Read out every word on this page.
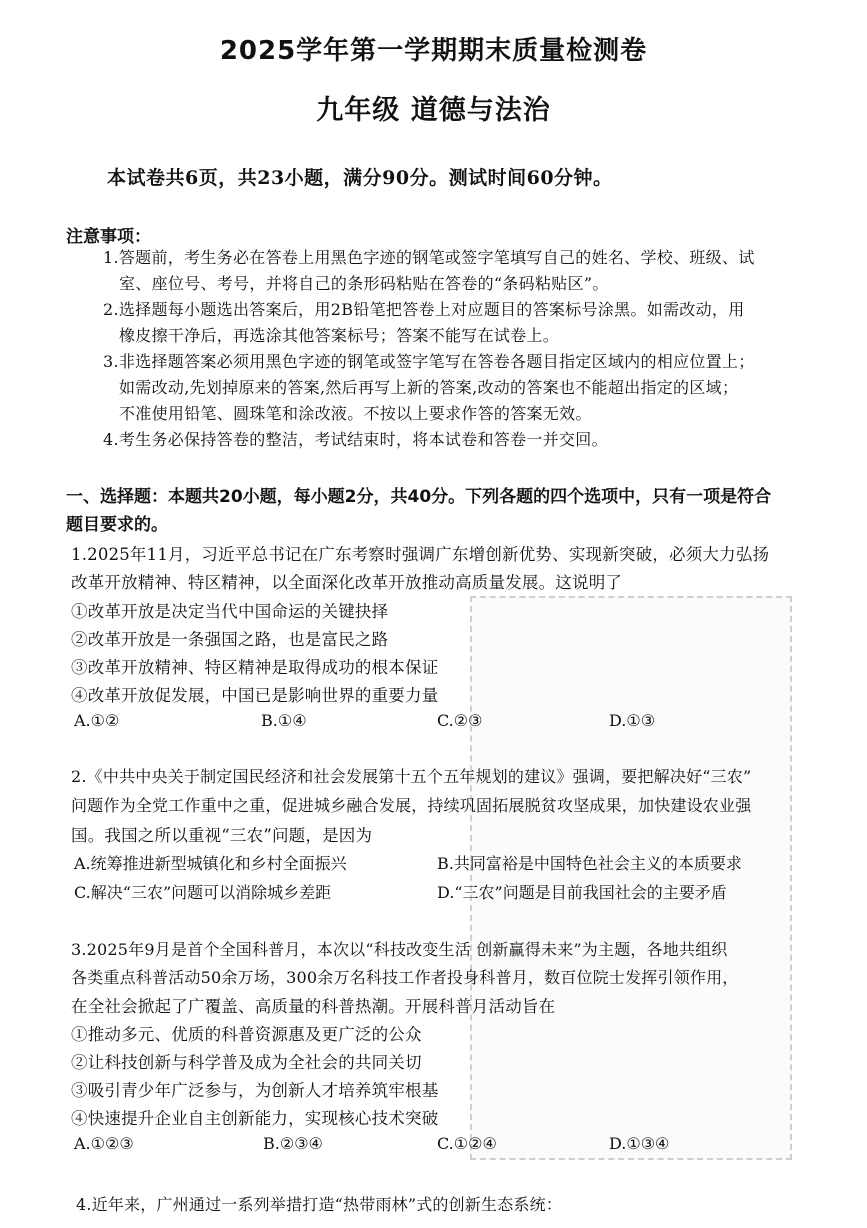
2025学年第一学期期末质量检测卷
九年级 道德与法治
本试卷共6页，共23小题，满分90分。测试时间60分钟。
注意事项：
1.答题前，考生务必在答卷上用黑色字迹的钢笔或签字笔填写自己的姓名、学校、班级、试
室、座位号、考号，并将自己的条形码粘贴在答卷的“条码粘贴区”。
2.选择题每小题选出答案后，用2B铅笔把答卷上对应题目的答案标号涂黑。如需改动，用
橡皮擦干净后，再选涂其他答案标号；答案不能写在试卷上。
3.非选择题答案必须用黑色字迹的钢笔或签字笔写在答卷各题目指定区域内的相应位置上；
如需改动,先划掉原来的答案,然后再写上新的答案,改动的答案也不能超出指定的区域；
不准使用铅笔、圆珠笔和涂改液。不按以上要求作答的答案无效。
4.考生务必保持答卷的整洁，考试结束时，将本试卷和答卷一并交回。
一、选择题：本题共20小题，每小题2分，共40分。下列各题的四个选项中，只有一项是符合
题目要求的。
1.2025年11月，习近平总书记在广东考察时强调广东增创新优势、实现新突破，必须大力弘扬
改革开放精神、特区精神，以全面深化改革开放推动高质量发展。这说明了
①改革开放是决定当代中国命运的关键抉择
②改革开放是一条强国之路，也是富民之路
③改革开放精神、特区精神是取得成功的根本保证
④改革开放促发展，中国已是影响世界的重要力量
A.①②	B.①④	C.②③	D.①③
2.《中共中央关于制定国民经济和社会发展第十五个五年规划的建议》强调，要把解决好“三农”
问题作为全党工作重中之重，促进城乡融合发展，持续巩固拓展脱贫攻坚成果，加快建设农业强
国。我国之所以重视“三农”问题，是因为
A.统筹推进新型城镇化和乡村全面振兴	B.共同富裕是中国特色社会主义的本质要求
C.解决“三农”问题可以消除城乡差距	D.“三农”问题是目前我国社会的主要矛盾
3.2025年9月是首个全国科普月，本次以“科技改变生活 创新赢得未来”为主题，各地共组织
各类重点科普活动50余万场，300余万名科技工作者投身科普月，数百位院士发挥引领作用，
在全社会掀起了广覆盖、高质量的科普热潮。开展科普月活动旨在
①推动多元、优质的科普资源惠及更广泛的公众
②让科技创新与科学普及成为全社会的共同关切
③吸引青少年广泛参与，为创新人才培养筑牢根基
④快速提升企业自主创新能力，实现核心技术突破
A.①②③	B.②③④	C.①②④	D.①③④
4.近年来，广州通过一系列举措打造“热带雨林”式的创新生态系统：
